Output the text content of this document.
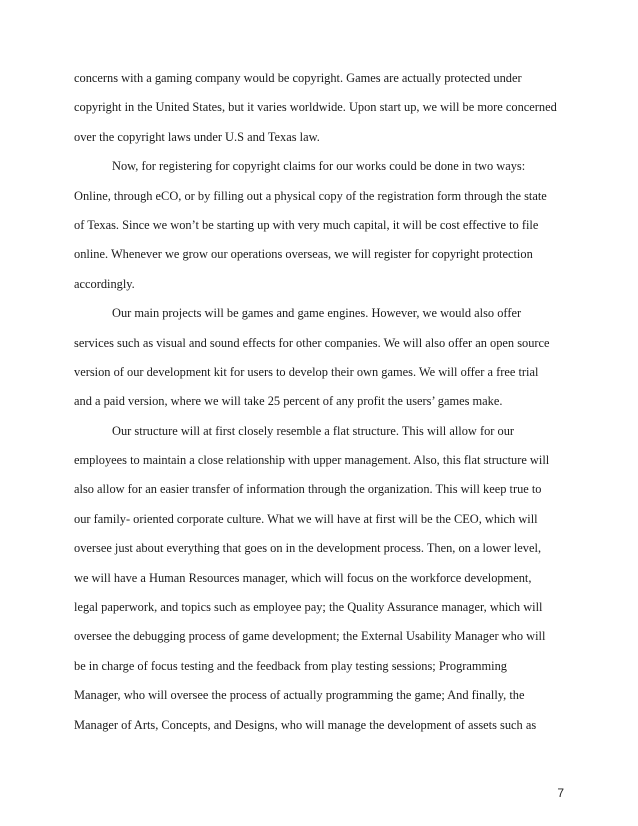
concerns with a gaming company would be copyright. Games are actually protected under
copyright in the United States, but it varies worldwide. Upon start up, we will be more concerned
over the copyright laws under U.S and Texas law.

Now, for registering for copyright claims for our works could be done in two ways:
Online, through eCO, or by filling out a physical copy of the registration form through the state
of Texas. Since we won’t be starting up with very much capital, it will be cost effective to file
online. Whenever we grow our operations overseas, we will register for copyright protection
accordingly.

Our main projects will be games and game engines. However, we would also offer
services such as visual and sound effects for other companies. We will also offer an open source
version of our development kit for users to develop their own games. We will offer a free trial
and a paid version, where we will take 25 percent of any profit the users’ games make.

Our structure will at first closely resemble a flat structure. This will allow for our
employees to maintain a close relationship with upper management. Also, this flat structure will
also allow for an easier transfer of information through the organization. This will keep true to
our family- oriented corporate culture. What we will have at first will be the CEO, which will
oversee just about everything that goes on in the development process. Then, on a lower level,
we will have a Human Resources manager, which will focus on the workforce development,
legal paperwork, and topics such as employee pay; the Quality Assurance manager, which will
oversee the debugging process of game development; the External Usability Manager who will
be in charge of focus testing and the feedback from play testing sessions; Programming
Manager, who will oversee the process of actually programming the game; And finally, the
Manager of Arts, Concepts, and Designs, who will manage the development of assets such as

7
